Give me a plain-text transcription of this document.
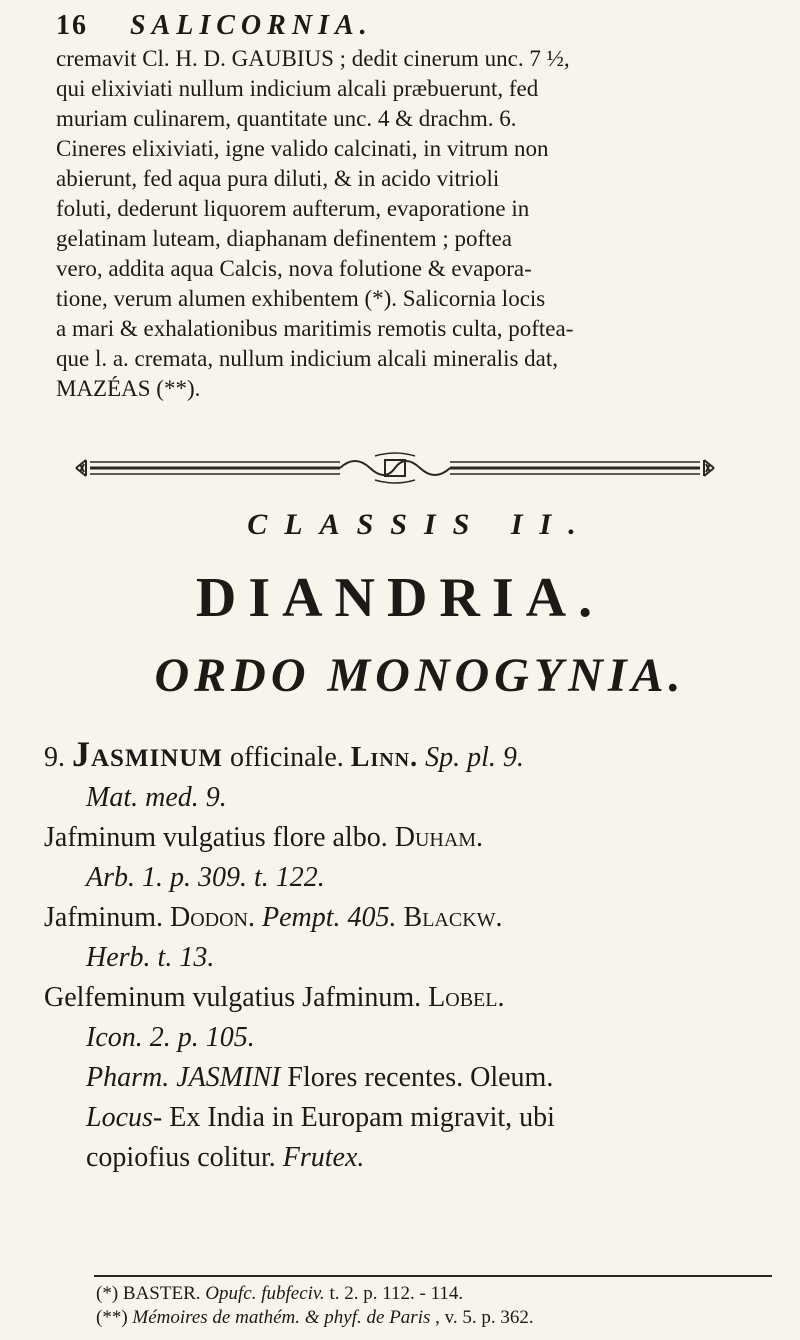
16 SALICORNIA.
cremavit Cl. H. D. GAUBIUS ; dedit cinerum unc. 7 ½,
qui elixiviati nullum indicium alcali præbuerunt, fed
muriam culinarem, quantitate unc. 4 & drachm. 6.
Cineres elixiviati, igne valido calcinati, in vitrum non
abierunt, fed aqua pura diluti, & in acido vitrioli
foluti, dederunt liquorem aufterum, evaporatione in
gelatinam luteam, diaphanam definentem ; poftea
vero, addita aqua Calcis, nova folutione & evapora-
tione, verum alumen exhibentem (*). Salicornia locis
a mari & exhalationibus maritimis remotis culta, poftea-
que l. a. cremata, nullum indicium alcali mineralis dat,
MAZÉAS (**).
CLASSIS II.
DIANDRIA.
ORDO MONOGYNIA.
9. Jasminum officinale. Linn. Sp. pl. 9.
Mat. med. 9.
Jafminum vulgatius flore albo. Duham.
Arb. 1. p. 309. t. 122.
Jafminum. Dodon. Pempt. 405. Blackw.
Herb. t. 13.
Gelfeminum vulgatius Jafminum. Lobel.
Icon. 2. p. 105.
Pharm. JASMINI Flores recentes. Oleum.
Locus- Ex India in Europam migravit, ubi
copiofius colitur. Frutex.
(*) BASTER. Opufc. fubfeciv. t. 2. p. 112. - 114.
(**) Mémoires de mathém. & phyf. de Paris , v. 5. p. 362.
